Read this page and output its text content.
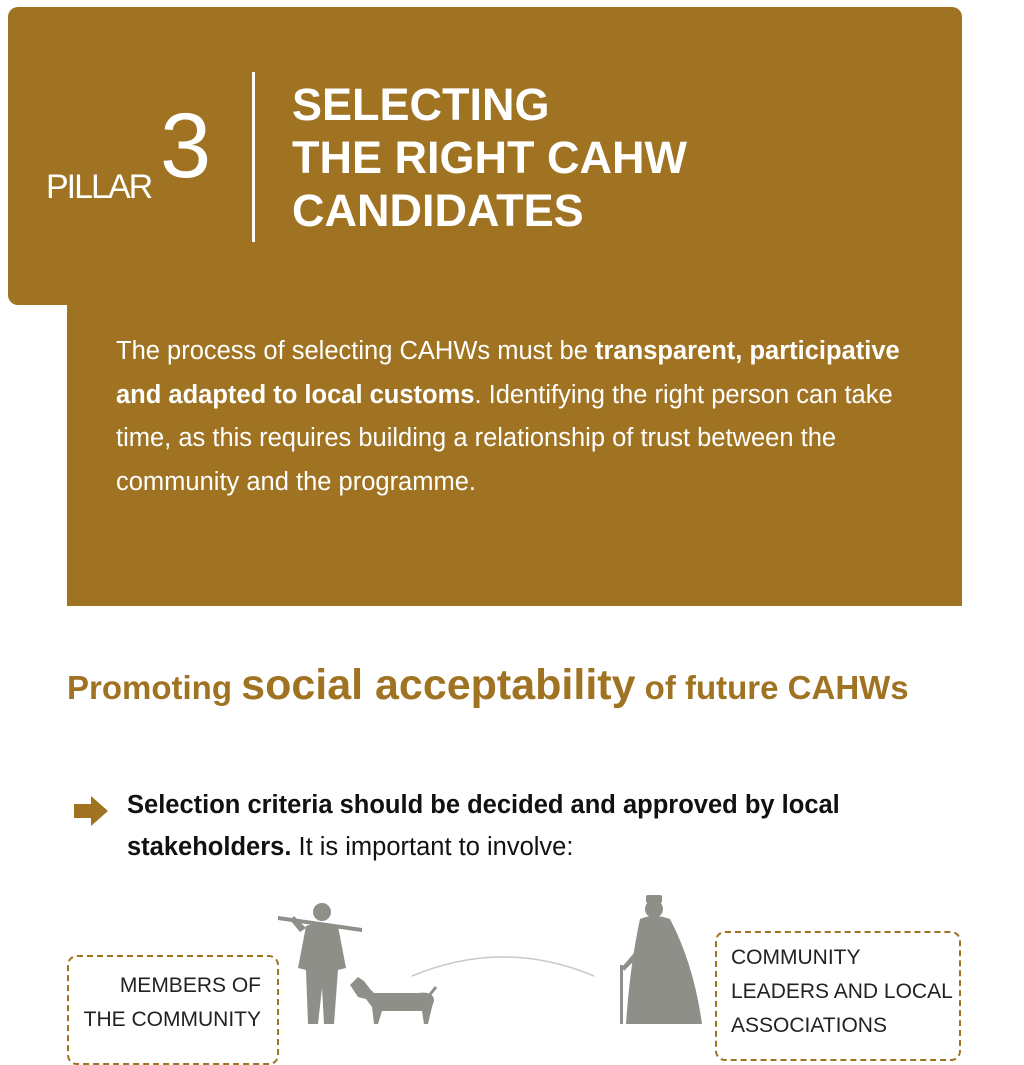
PILLAR 3 SELECTING
THE RIGHT CAHW
CANDIDATES
The process of selecting CAHWs must be transparent, participative and adapted to local customs. Identifying the right person can take time, as this requires building a relationship of trust between the community and the programme.
Promoting social acceptability of future CAHWs
Selection criteria should be decided and approved by local stakeholders. It is important to involve:
MEMBERS OF
THE COMMUNITY
COMMUNITY
LEADERS AND LOCAL
ASSOCIATIONS
